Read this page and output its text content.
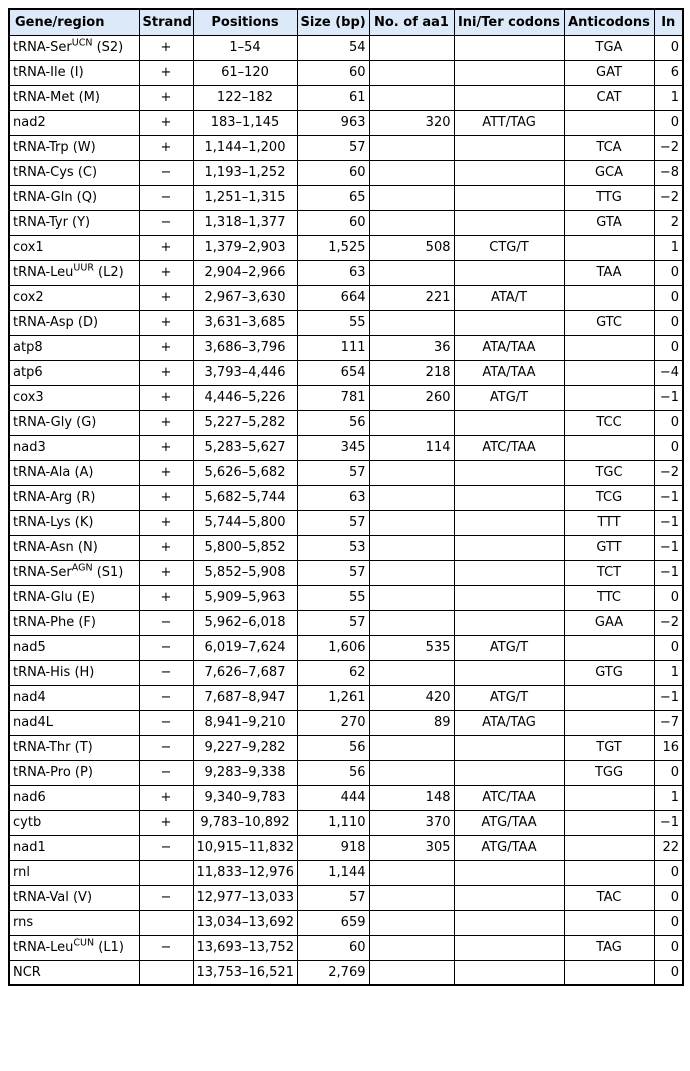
Gene/region	Strand	Positions	Size (bp)	No. of aa1	Ini/Ter codons	Anticodons	In
tRNA-Ser$^{UCN}$ (S2)	+	1–54	54			TGA	0
tRNA-Ile (I)	+	61–120	60			GAT	6
tRNA-Met (M)	+	122–182	61			CAT	1
nad2	+	183–1,145	963	320	ATT/TAG		0
tRNA-Trp (W)	+	1,144–1,200	57			TCA	−2
tRNA-Cys (C)	−	1,193–1,252	60			GCA	−8
tRNA-Gln (Q)	−	1,251–1,315	65			TTG	−2
tRNA-Tyr (Y)	−	1,318–1,377	60			GTA	2
cox1	+	1,379–2,903	1,525	508	CTG/T		1
tRNA-Leu$^{UUR}$ (L2)	+	2,904–2,966	63			TAA	0
cox2	+	2,967–3,630	664	221	ATA/T		0
tRNA-Asp (D)	+	3,631–3,685	55			GTC	0
atp8	+	3,686–3,796	111	36	ATA/TAA		0
atp6	+	3,793–4,446	654	218	ATA/TAA		−4
cox3	+	4,446–5,226	781	260	ATG/T		−1
tRNA-Gly (G)	+	5,227–5,282	56			TCC	0
nad3	+	5,283–5,627	345	114	ATC/TAA		0
tRNA-Ala (A)	+	5,626–5,682	57			TGC	−2
tRNA-Arg (R)	+	5,682–5,744	63			TCG	−1
tRNA-Lys (K)	+	5,744–5,800	57			TTT	−1
tRNA-Asn (N)	+	5,800–5,852	53			GTT	−1
tRNA-Ser$^{AGN}$ (S1)	+	5,852–5,908	57			TCT	−1
tRNA-Glu (E)	+	5,909–5,963	55			TTC	0
tRNA-Phe (F)	−	5,962–6,018	57			GAA	−2
nad5	−	6,019–7,624	1,606	535	ATG/T		0
tRNA-His (H)	−	7,626–7,687	62			GTG	1
nad4	−	7,687–8,947	1,261	420	ATG/T		−1
nad4L	−	8,941–9,210	270	89	ATA/TAG		−7
tRNA-Thr (T)	−	9,227–9,282	56			TGT	16
tRNA-Pro (P)	−	9,283–9,338	56			TGG	0
nad6	+	9,340–9,783	444	148	ATC/TAA		1
cytb	+	9,783–10,892	1,110	370	ATG/TAA		−1
nad1	−	10,915–11,832	918	305	ATG/TAA		22
rnl		11,833–12,976	1,144				0
tRNA-Val (V)	−	12,977–13,033	57			TAC	0
rns		13,034–13,692	659				0
tRNA-Leu$^{CUN}$ (L1)	−	13,693–13,752	60			TAG	0
NCR		13,753–16,521	2,769				0
